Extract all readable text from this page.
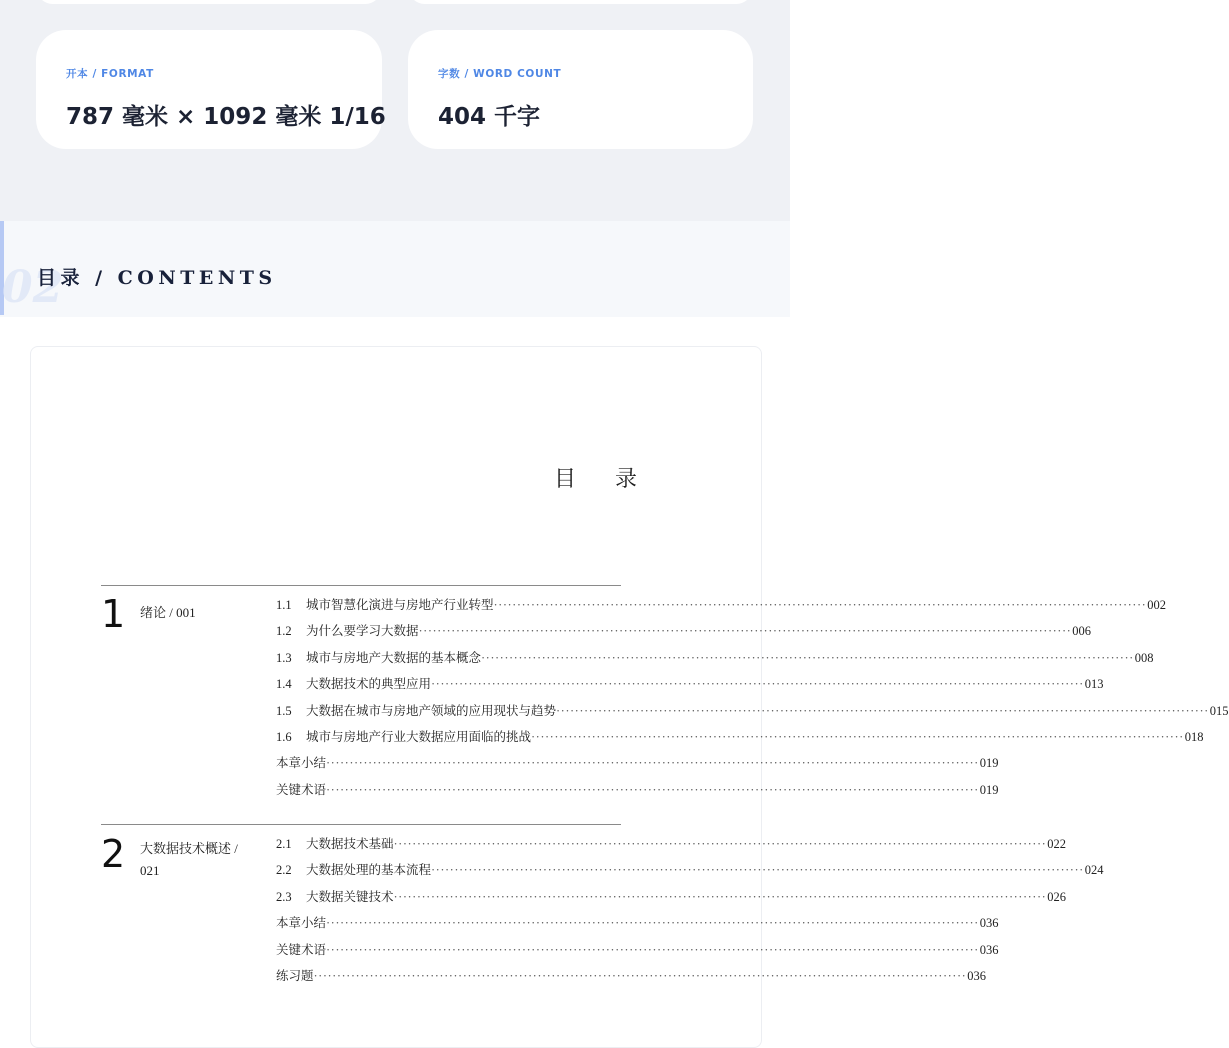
开本 / FORMAT
787 毫米 × 1092 毫米 1/16
字数 / WORD COUNT
404 千字
02
目录 / CONTENTS
目 录
1 绪论 / 001	1.1	城市智慧化演进与房地产行业转型 ············································································································································ 002
1.2	为什么要学习大数据 ············································································································································ 006
1.3	城市与房地产大数据的基本概念 ············································································································································ 008
1.4	大数据技术的典型应用 ············································································································································ 013
1.5	大数据在城市与房地产领域的应用现状与趋势 ············································································································································ 015
1.6	城市与房地产行业大数据应用面临的挑战 ············································································································································ 018
本章小结 ············································································································································ 019
关键术语 ············································································································································ 019
2 大数据技术概述 / 021
2.1	大数据技术基础 ············································································································································ 022
2.2	大数据处理的基本流程 ············································································································································ 024
2.3	大数据关键技术 ············································································································································ 026
本章小结 ············································································································································ 036
关键术语 ············································································································································ 036
练习题 ············································································································································ 036
